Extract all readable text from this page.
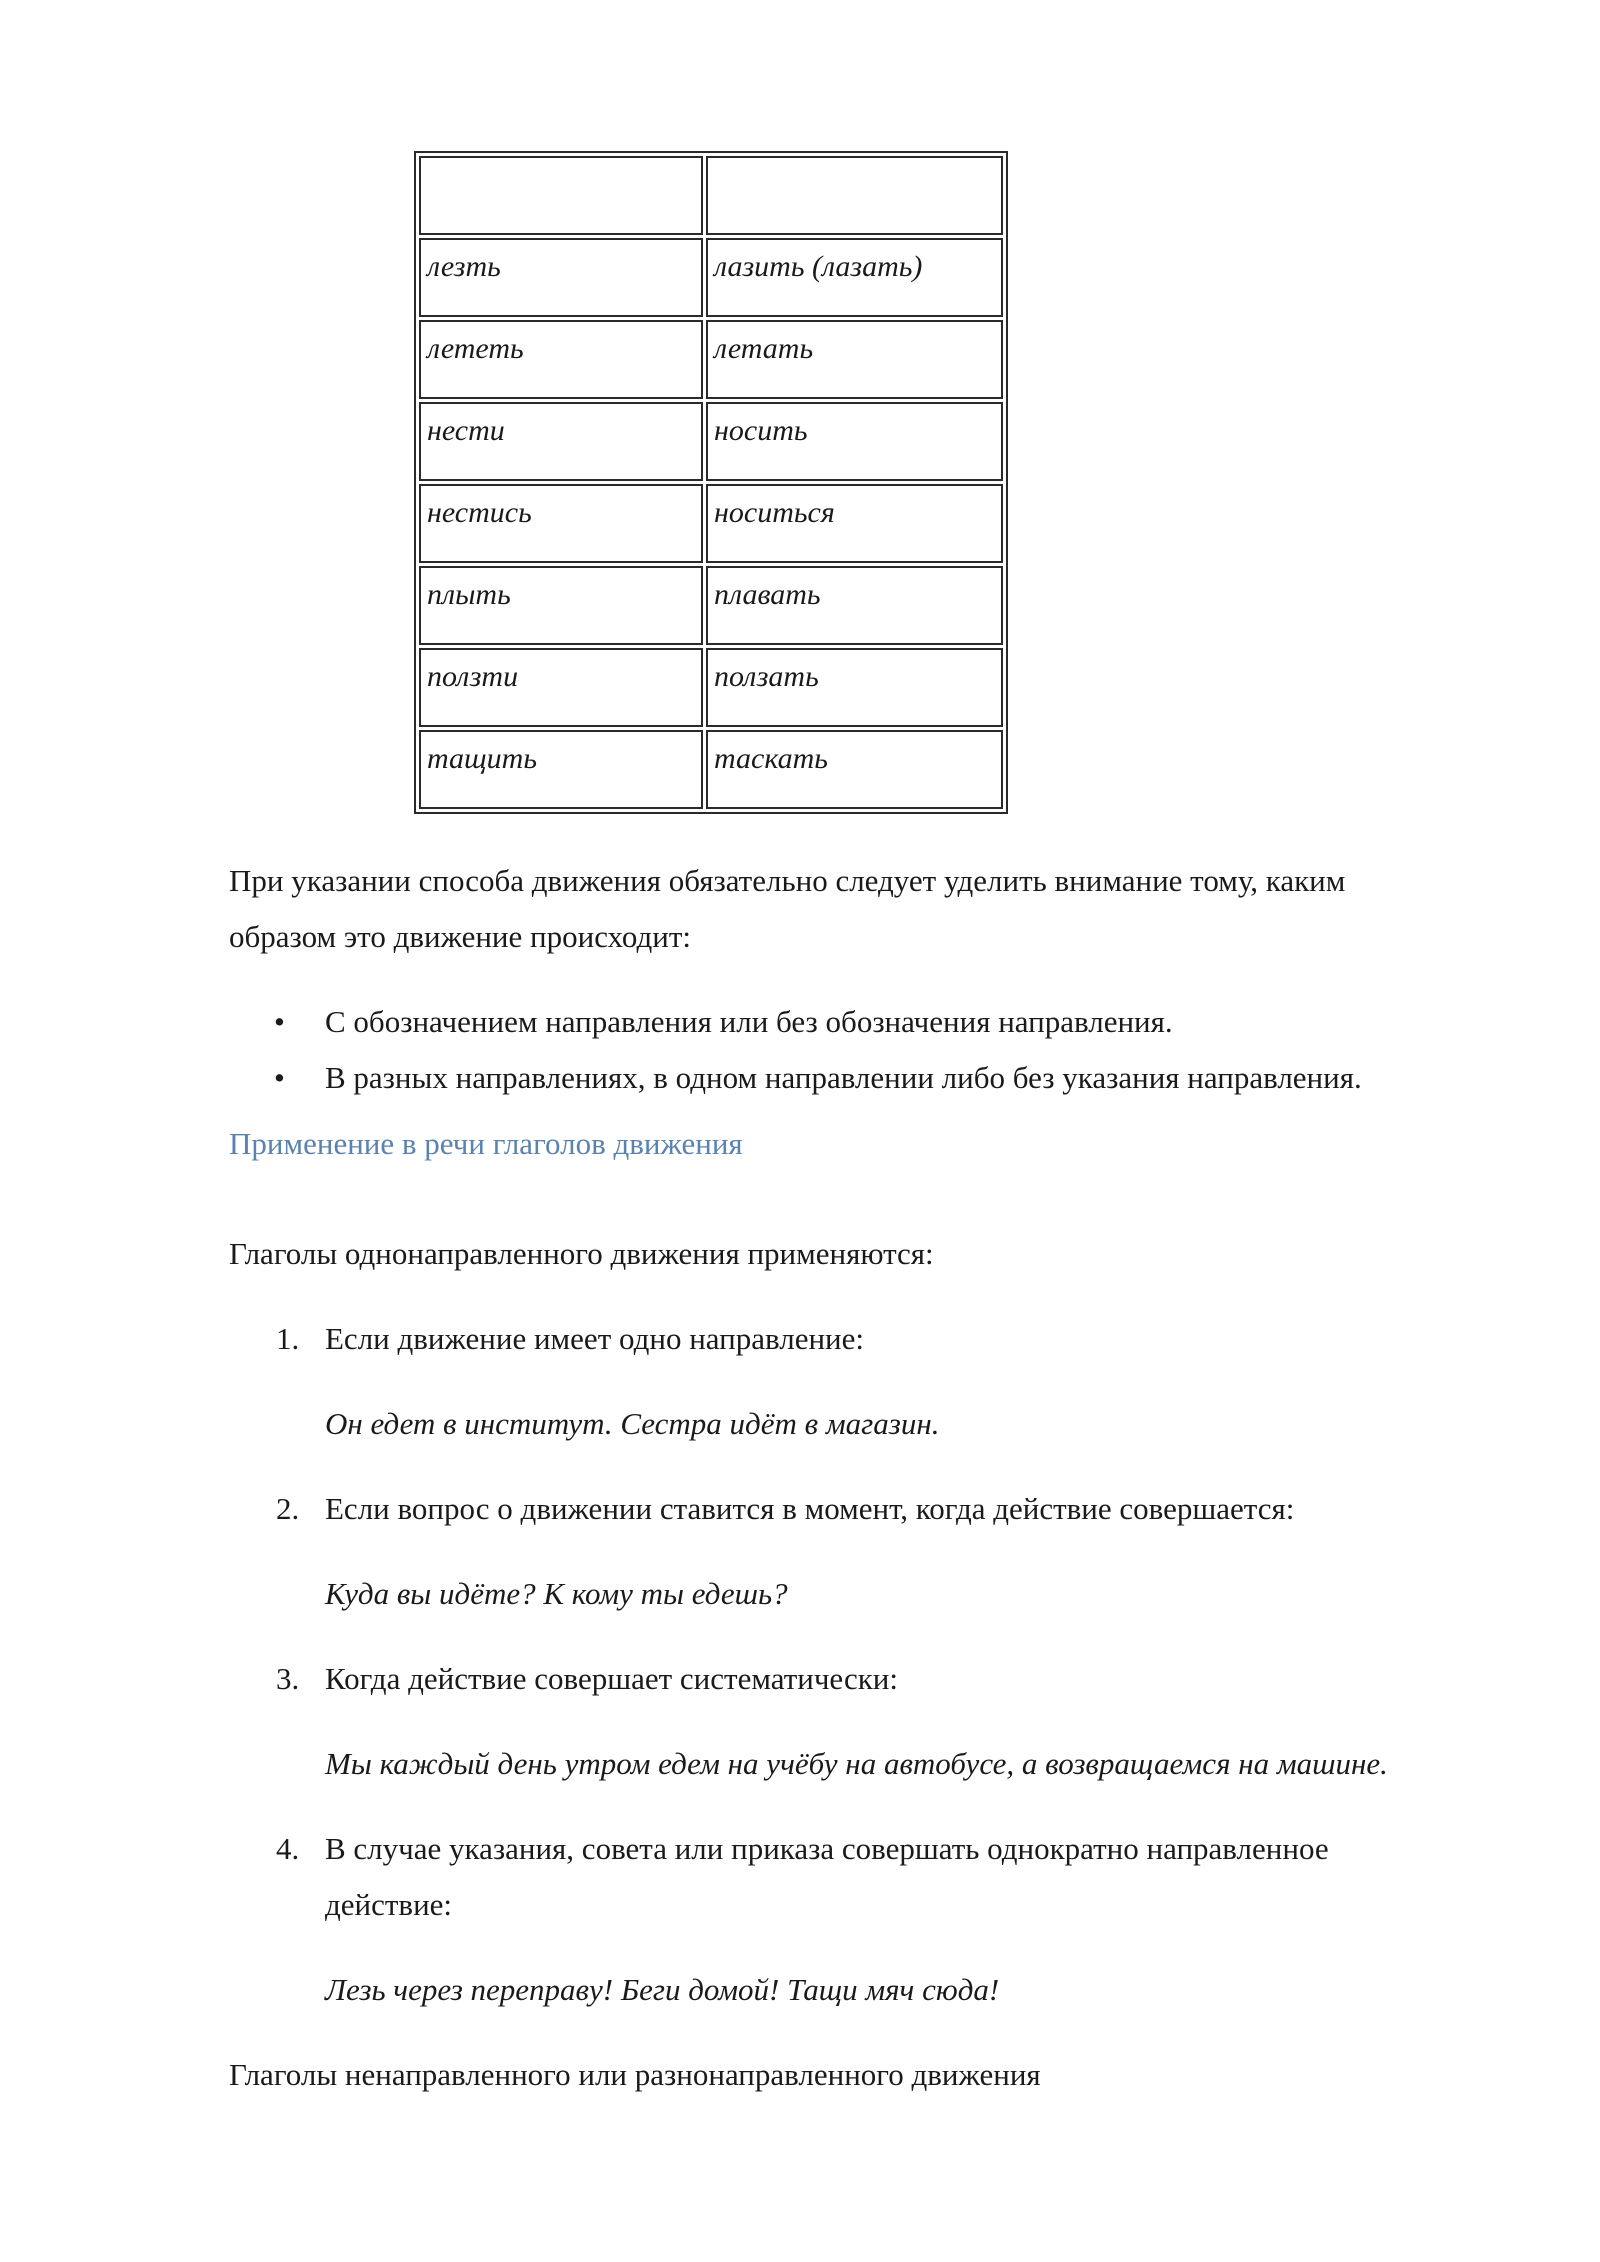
лезть	лазить (лазать)

лететь	летать

нести	носить

нестись	носиться

плыть	плавать

ползти	ползать

тащить	таскать
При указании способа движения обязательно следует уделить внимание тому, каким
образом это движение происходит:
• С обозначением направления или без обозначения направления.
• В разных направлениях, в одном направлении либо без указания направления.
Применение в речи глаголов движения
Глаголы однонаправленного движения применяются:
1. Если движение имеет одно направление:
Он едет в институт. Сестра идёт в магазин.
2. Если вопрос о движении ставится в момент, когда действие совершается:
Куда вы идёте? К кому ты едешь?
3. Когда действие совершает систематически:
Мы каждый день утром едем на учёбу на автобусе, а возвращаемся на машине.
4. В случае указания, совета или приказа совершать однократно направленное
действие:
Лезь через переправу! Беги домой! Тащи мяч сюда!
Глаголы ненаправленного или разнонаправленного движения
